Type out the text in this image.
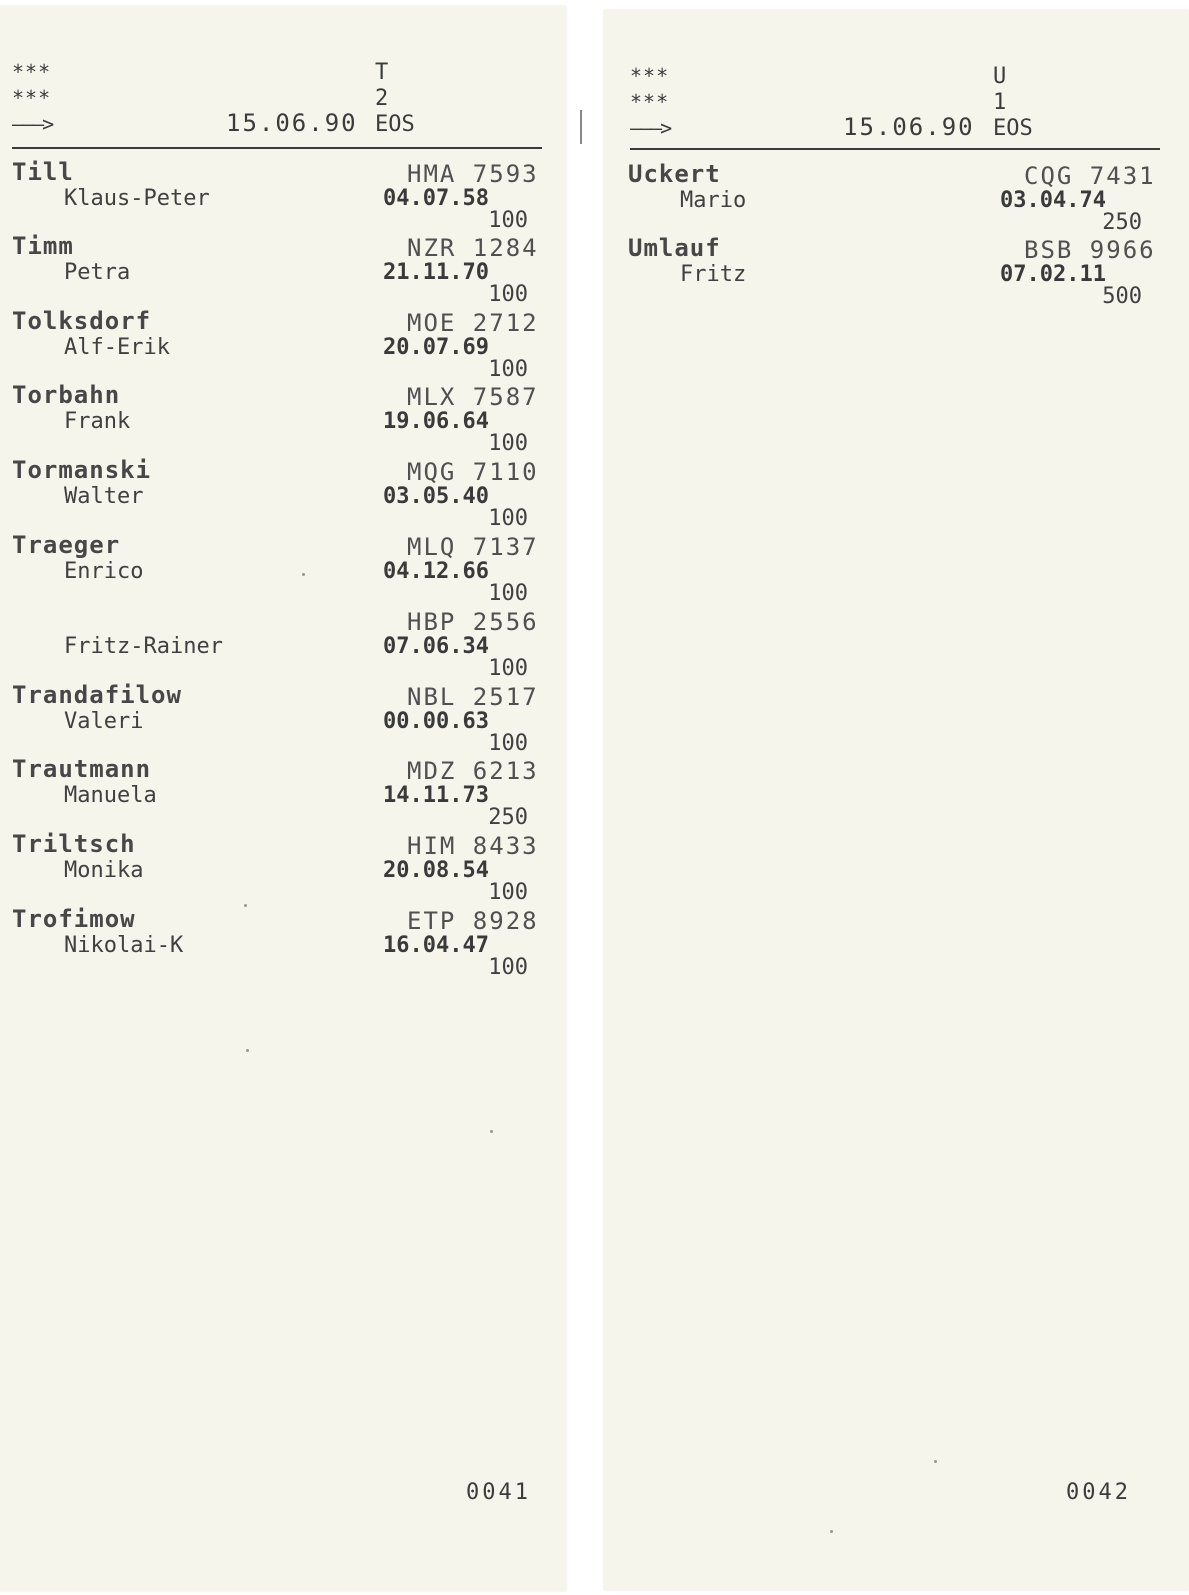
***
***
———>	15.06.90
T
2
EOS
Till
Klaus-Peter
HMA 7593
04.07.58
100
Timm
Petra
NZR 1284
21.11.70
100
Tolksdorf
Alf-Erik
MOE 2712
20.07.69
100
Torbahn
Frank
MLX 7587
19.06.64
100
Tormanski
Walter
MQG 7110
03.05.40
100
Traeger
Enrico
MLQ 7137
04.12.66
100
Fritz-Rainer
HBP 2556
07.06.34
100
Trandafilow
Valeri
NBL 2517
00.00.63
100
Trautmann
Manuela
MDZ 6213
14.11.73
250
Triltsch
Monika
HIM 8433
20.08.54
100
Trofimow
Nikolai-K
ETP 8928
16.04.47
100
0041
***
***
———>	15.06.90
U
1
EOS
Uckert
Mario
CQG 7431
03.04.74
250
Umlauf
Fritz
BSB 9966
07.02.11
500
0042
